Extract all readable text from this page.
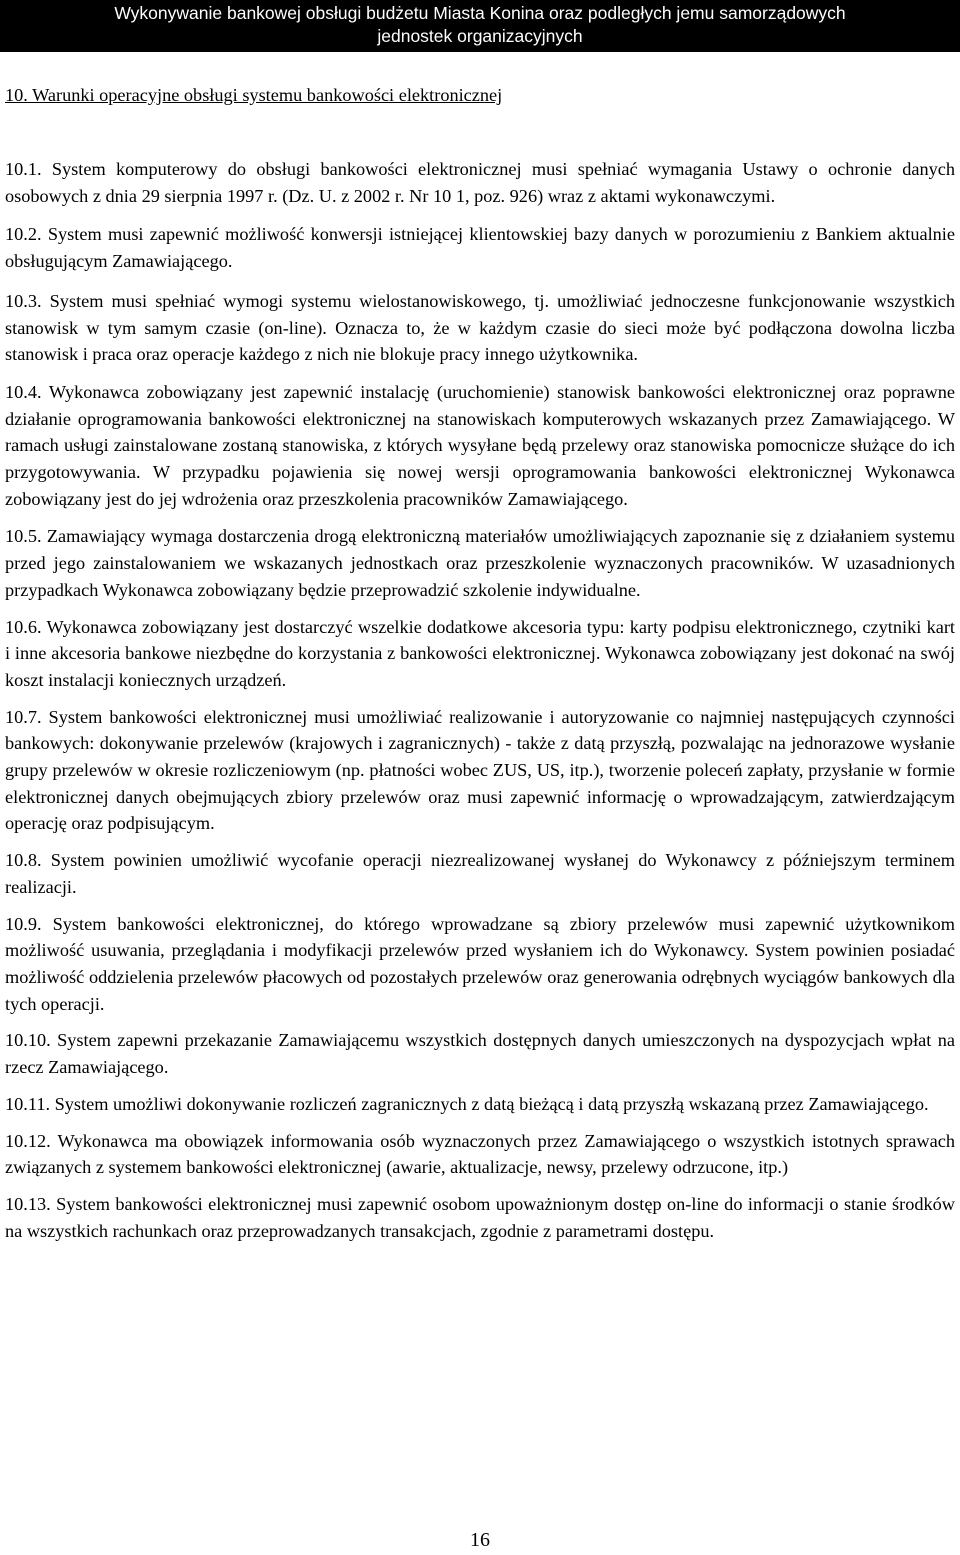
Wykonywanie bankowej obsługi budżetu Miasta Konina oraz podległych jemu samorządowych
jednostek organizacyjnych
10. Warunki operacyjne obsługi systemu bankowości elektronicznej

10.1. System komputerowy do obsługi bankowości elektronicznej musi spełniać wymagania Ustawy o ochronie danych osobowych z dnia 29 sierpnia 1997 r. (Dz. U. z 2002 r. Nr 10 1, poz. 926) wraz z aktami wykonawczymi.

10.2. System musi zapewnić możliwość konwersji istniejącej klientowskiej bazy danych w porozumieniu z Bankiem aktualnie obsługującym Zamawiającego.

10.3. System musi spełniać wymogi systemu wielostanowiskowego, tj. umożliwiać jednoczesne funkcjonowanie wszystkich stanowisk w tym samym czasie (on-line). Oznacza to, że w każdym czasie do sieci może być podłączona dowolna liczba stanowisk i praca oraz operacje każdego z nich nie blokuje pracy innego użytkownika.

10.4. Wykonawca zobowiązany jest zapewnić instalację (uruchomienie) stanowisk bankowości elektronicznej oraz poprawne działanie oprogramowania bankowości elektronicznej na stanowiskach komputerowych wskazanych przez Zamawiającego. W ramach usługi zainstalowane zostaną stanowiska, z których wysyłane będą przelewy oraz stanowiska pomocnicze służące do ich przygotowywania. W przypadku pojawienia się nowej wersji oprogramowania bankowości elektronicznej Wykonawca zobowiązany jest do jej wdrożenia oraz przeszkolenia pracowników Zamawiającego.

10.5. Zamawiający wymaga dostarczenia drogą elektroniczną materiałów umożliwiających zapoznanie się z działaniem systemu przed jego zainstalowaniem we wskazanych jednostkach oraz przeszkolenie wyznaczonych pracowników. W uzasadnionych przypadkach Wykonawca zobowiązany będzie przeprowadzić szkolenie indywidualne.

10.6. Wykonawca zobowiązany jest dostarczyć wszelkie dodatkowe akcesoria typu: karty podpisu elektronicznego, czytniki kart i inne akcesoria bankowe niezbędne do korzystania z bankowości elektronicznej. Wykonawca zobowiązany jest dokonać na swój koszt instalacji koniecznych urządzeń.

10.7. System bankowości elektronicznej musi umożliwiać realizowanie i autoryzowanie co najmniej następujących czynności bankowych: dokonywanie przelewów (krajowych i zagranicznych) - także z datą przyszłą, pozwalając na jednorazowe wysłanie grupy przelewów w okresie rozliczeniowym (np. płatności wobec ZUS, US, itp.), tworzenie poleceń zapłaty, przysłanie w formie elektronicznej danych obejmujących zbiory przelewów oraz musi zapewnić informację o wprowadzającym, zatwierdzającym operację oraz podpisującym.

10.8. System powinien umożliwić wycofanie operacji niezrealizowanej wysłanej do Wykonawcy z późniejszym terminem realizacji.

10.9. System bankowości elektronicznej, do którego wprowadzane są zbiory przelewów musi zapewnić użytkownikom możliwość usuwania, przeglądania i modyfikacji przelewów przed wysłaniem ich do Wykonawcy. System powinien posiadać możliwość oddzielenia przelewów płacowych od pozostałych przelewów oraz generowania odrębnych wyciągów bankowych dla tych operacji.

10.10. System zapewni przekazanie Zamawiającemu wszystkich dostępnych danych umieszczonych na dyspozycjach wpłat na rzecz Zamawiającego.

10.11. System umożliwi dokonywanie rozliczeń zagranicznych z datą bieżącą i datą przyszłą wskazaną przez Zamawiającego.

10.12. Wykonawca ma obowiązek informowania osób wyznaczonych przez Zamawiającego o wszystkich istotnych sprawach związanych z systemem bankowości elektronicznej (awarie, aktualizacje, newsy, przelewy odrzucone, itp.)

10.13. System bankowości elektronicznej musi zapewnić osobom upoważnionym dostęp on-line do informacji o stanie środków na wszystkich rachunkach oraz przeprowadzanych transakcjach, zgodnie z parametrami dostępu.

16
